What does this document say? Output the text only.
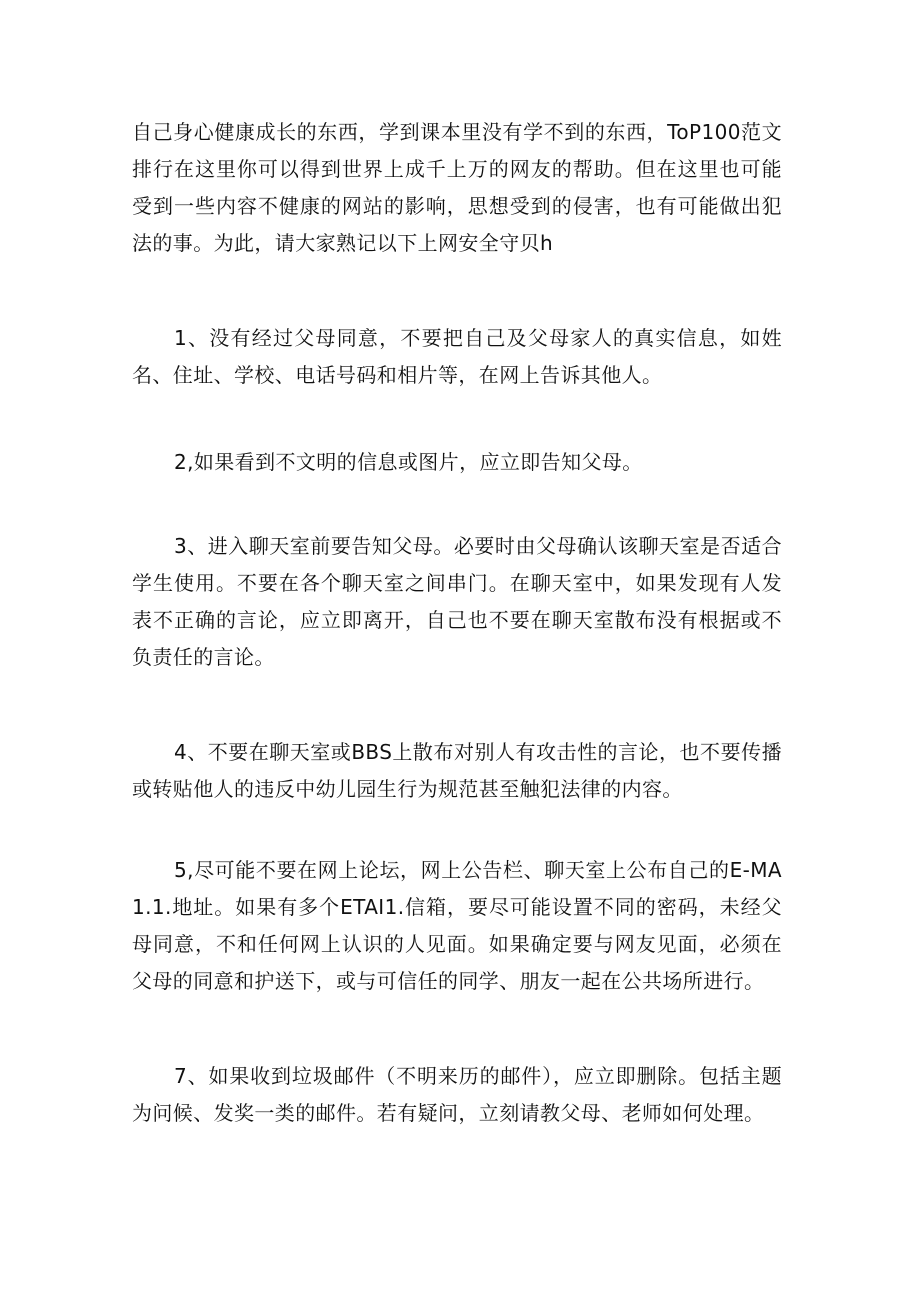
自己身心健康成长的东西，学到课本里没有学不到的东西，ToP100范文排行在这里你可以得到世界上成千上万的网友的帮助。但在这里也可能受到一些内容不健康的网站的影响，思想受到的侵害，也有可能做出犯法的事。为此，请大家熟记以下上网安全守贝h

1、没有经过父母同意，不要把自己及父母家人的真实信息，如姓名、住址、学校、电话号码和相片等，在网上告诉其他人。

2,如果看到不文明的信息或图片，应立即告知父母。

3、进入聊天室前要告知父母。必要时由父母确认该聊天室是否适合学生使用。不要在各个聊天室之间串门。在聊天室中，如果发现有人发表不正确的言论，应立即离开，自己也不要在聊天室散布没有根据或不负责任的言论。

4、不要在聊天室或BBS上散布对别人有攻击性的言论，也不要传播或转贴他人的违反中幼儿园生行为规范甚至触犯法律的内容。

5,尽可能不要在网上论坛，网上公告栏、聊天室上公布自己的E-MA1.1.地址。如果有多个ETAI1.信箱，要尽可能设置不同的密码，未经父母同意，不和任何网上认识的人见面。如果确定要与网友见面，必须在父母的同意和护送下，或与可信任的同学、朋友一起在公共场所进行。

7、如果收到垃圾邮件（不明来历的邮件），应立即删除。包括主题为问候、发奖一类的邮件。若有疑问，立刻请教父母、老师如何处理。
